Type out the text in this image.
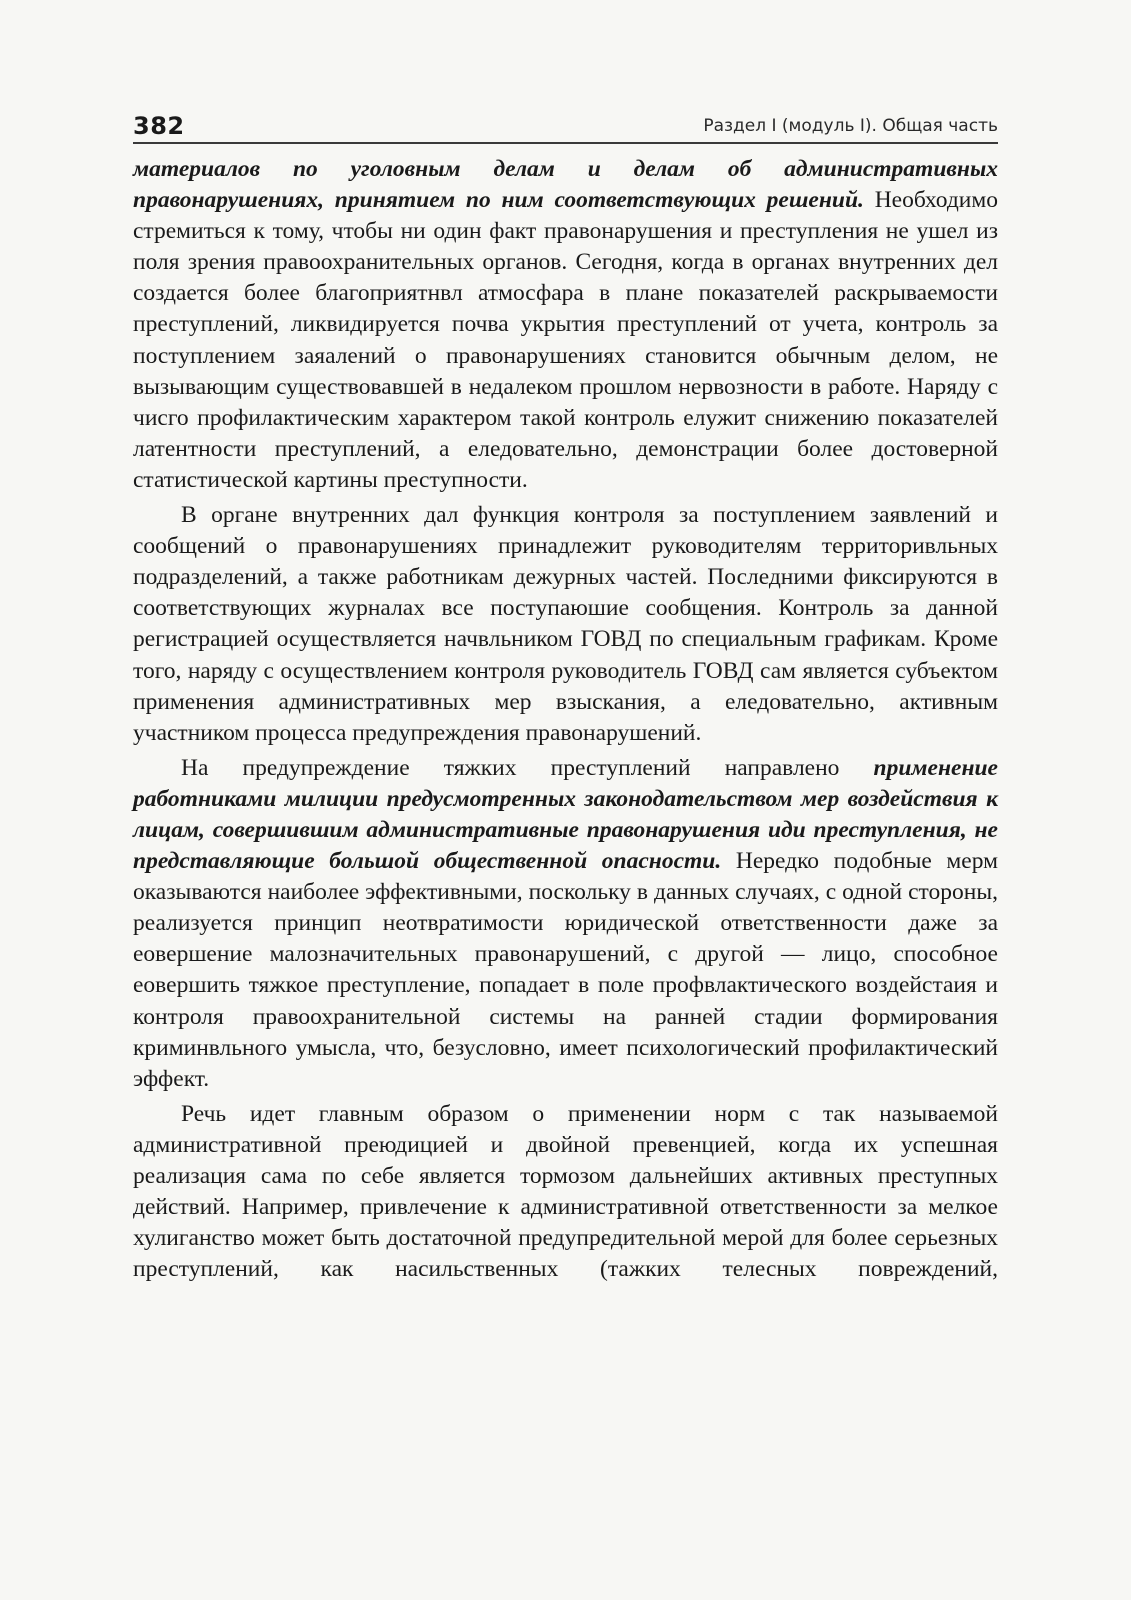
382	Раздел I (модуль I). Общая часть

материалов по уголовным делам и делам об административных правонарушениях, принятием по ним соответствующих решений. Необходимо стремиться к тому, чтобы ни один факт правонарушения и преступления не ушел из поля зрения правоохранительных органов. Сегодня, когда в органах внутренних дел создается более благоприятнвл атмосфара в плане показателей раскрываемости преступлений, ликвидируется почва укрытия преступлений от учета, контроль за поступлением заяалений о правонарушениях становится обычным делом, не вызывающим существовавшей в недалеком прошлом нервозности в работе. Наряду с чисго профилактическим характером такой контроль елужит снижению показателей латентности преступлений, а еледовательно, демонстрации более достоверной статистической картины преступности.

В органе внутренних дал функция контроля за поступлением заявлений и сообщений о правонарушениях принадлежит руководителям территоривльных подразделений, а также работникам дежурных частей. Последними фиксируются в соответствующих журналах все поступаюшие сообщения. Контроль за данной регистрацией осуществляется начвльником ГОВД по специальным графикам. Кроме того, наряду с осуществлением контроля руководитель ГОВД сам является субъектом применения административных мер взыскания, а еледовательно, активным участником процесса предупреждения правонарушений.

На предупреждение тяжких преступлений направлено применение работниками милиции предусмотренных законодательством мер воздействия к лицам, совершившим административные правонарушения иди преступления, не представляющие большой общественной опасности. Нередко подобные мерм оказываются наиболее эффективными, поскольку в данных случаях, с одной стороны, реализуется принцип неотвратимости юридической ответственности даже за еовершение малозначительных правонарушений, с другой — лицо, способное еовершить тяжкое преступление, попадает в поле профвлактического воздейстаия и контроля правоохранительной системы на ранней стадии формирования криминвльного умысла, что, безусловно, имеет психологический профилактический эффект.

Речь идет главным образом о применении норм с так называемой административной преюдицией и двойной превенцией, когда их успешная реализация сама по себе является тормозом дальнейших активных преступных действий. Например, привлечение к административной ответственности за мелкое хулиганство может быть достаточной предупредительной мерой для более серьезных преступлений, как насильственных (тажких телесных повреждений,
